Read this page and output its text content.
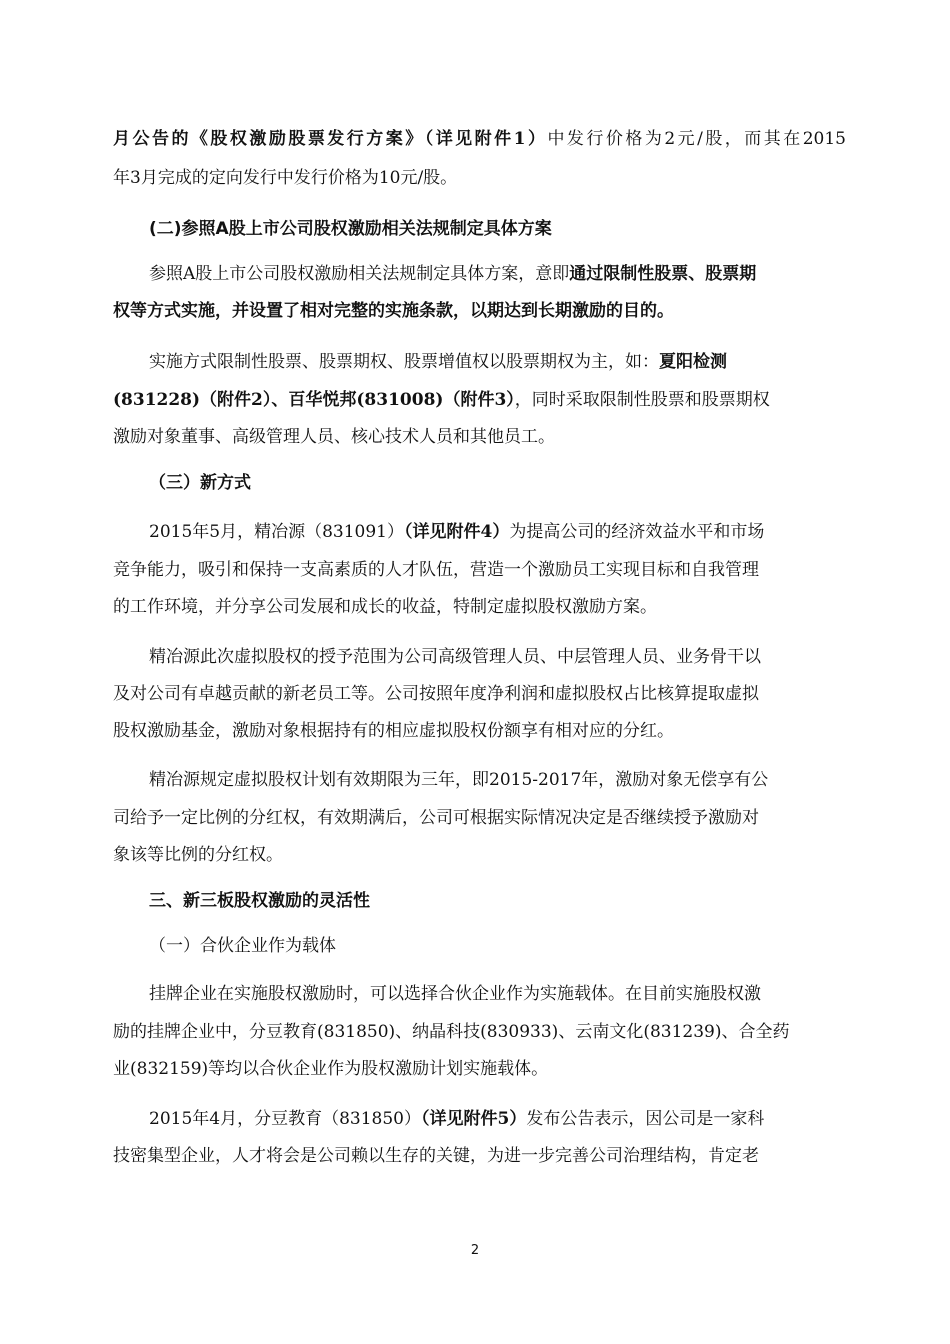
月公告的《股权激励股票发行方案》（详见附件1）中发行价格为2元/股，而其在2015
年3月完成的定向发行中发行价格为10元/股。
(二)参照A股上市公司股权激励相关法规制定具体方案
参照A股上市公司股权激励相关法规制定具体方案，意即通过限制性股票、股票期
权等方式实施，并设置了相对完整的实施条款，以期达到长期激励的目的。
实施方式限制性股票、股票期权、股票增值权以股票期权为主，如：夏阳检测
(831228)（附件2）、百华悦邦(831008)（附件3），同时采取限制性股票和股票期权
激励对象董事、高级管理人员、核心技术人员和其他员工。
（三）新方式
2015年5月，精冶源（831091）（详见附件4）为提高公司的经济效益水平和市场
竞争能力，吸引和保持一支高素质的人才队伍，营造一个激励员工实现目标和自我管理
的工作环境，并分享公司发展和成长的收益，特制定虚拟股权激励方案。
精冶源此次虚拟股权的授予范围为公司高级管理人员、中层管理人员、业务骨干以
及对公司有卓越贡献的新老员工等。公司按照年度净利润和虚拟股权占比核算提取虚拟
股权激励基金，激励对象根据持有的相应虚拟股权份额享有相对应的分红。
精冶源规定虚拟股权计划有效期限为三年，即2015-2017年，激励对象无偿享有公
司给予一定比例的分红权，有效期满后，公司可根据实际情况决定是否继续授予激励对
象该等比例的分红权。
三、新三板股权激励的灵活性
（一）合伙企业作为载体
挂牌企业在实施股权激励时，可以选择合伙企业作为实施载体。在目前实施股权激
励的挂牌企业中，分豆教育(831850)、纳晶科技(830933)、云南文化(831239)、合全药
业(832159)等均以合伙企业作为股权激励计划实施载体。
2015年4月，分豆教育（831850）（详见附件5）发布公告表示，因公司是一家科
技密集型企业，人才将会是公司赖以生存的关键，为进一步完善公司治理结构，肯定老
2
